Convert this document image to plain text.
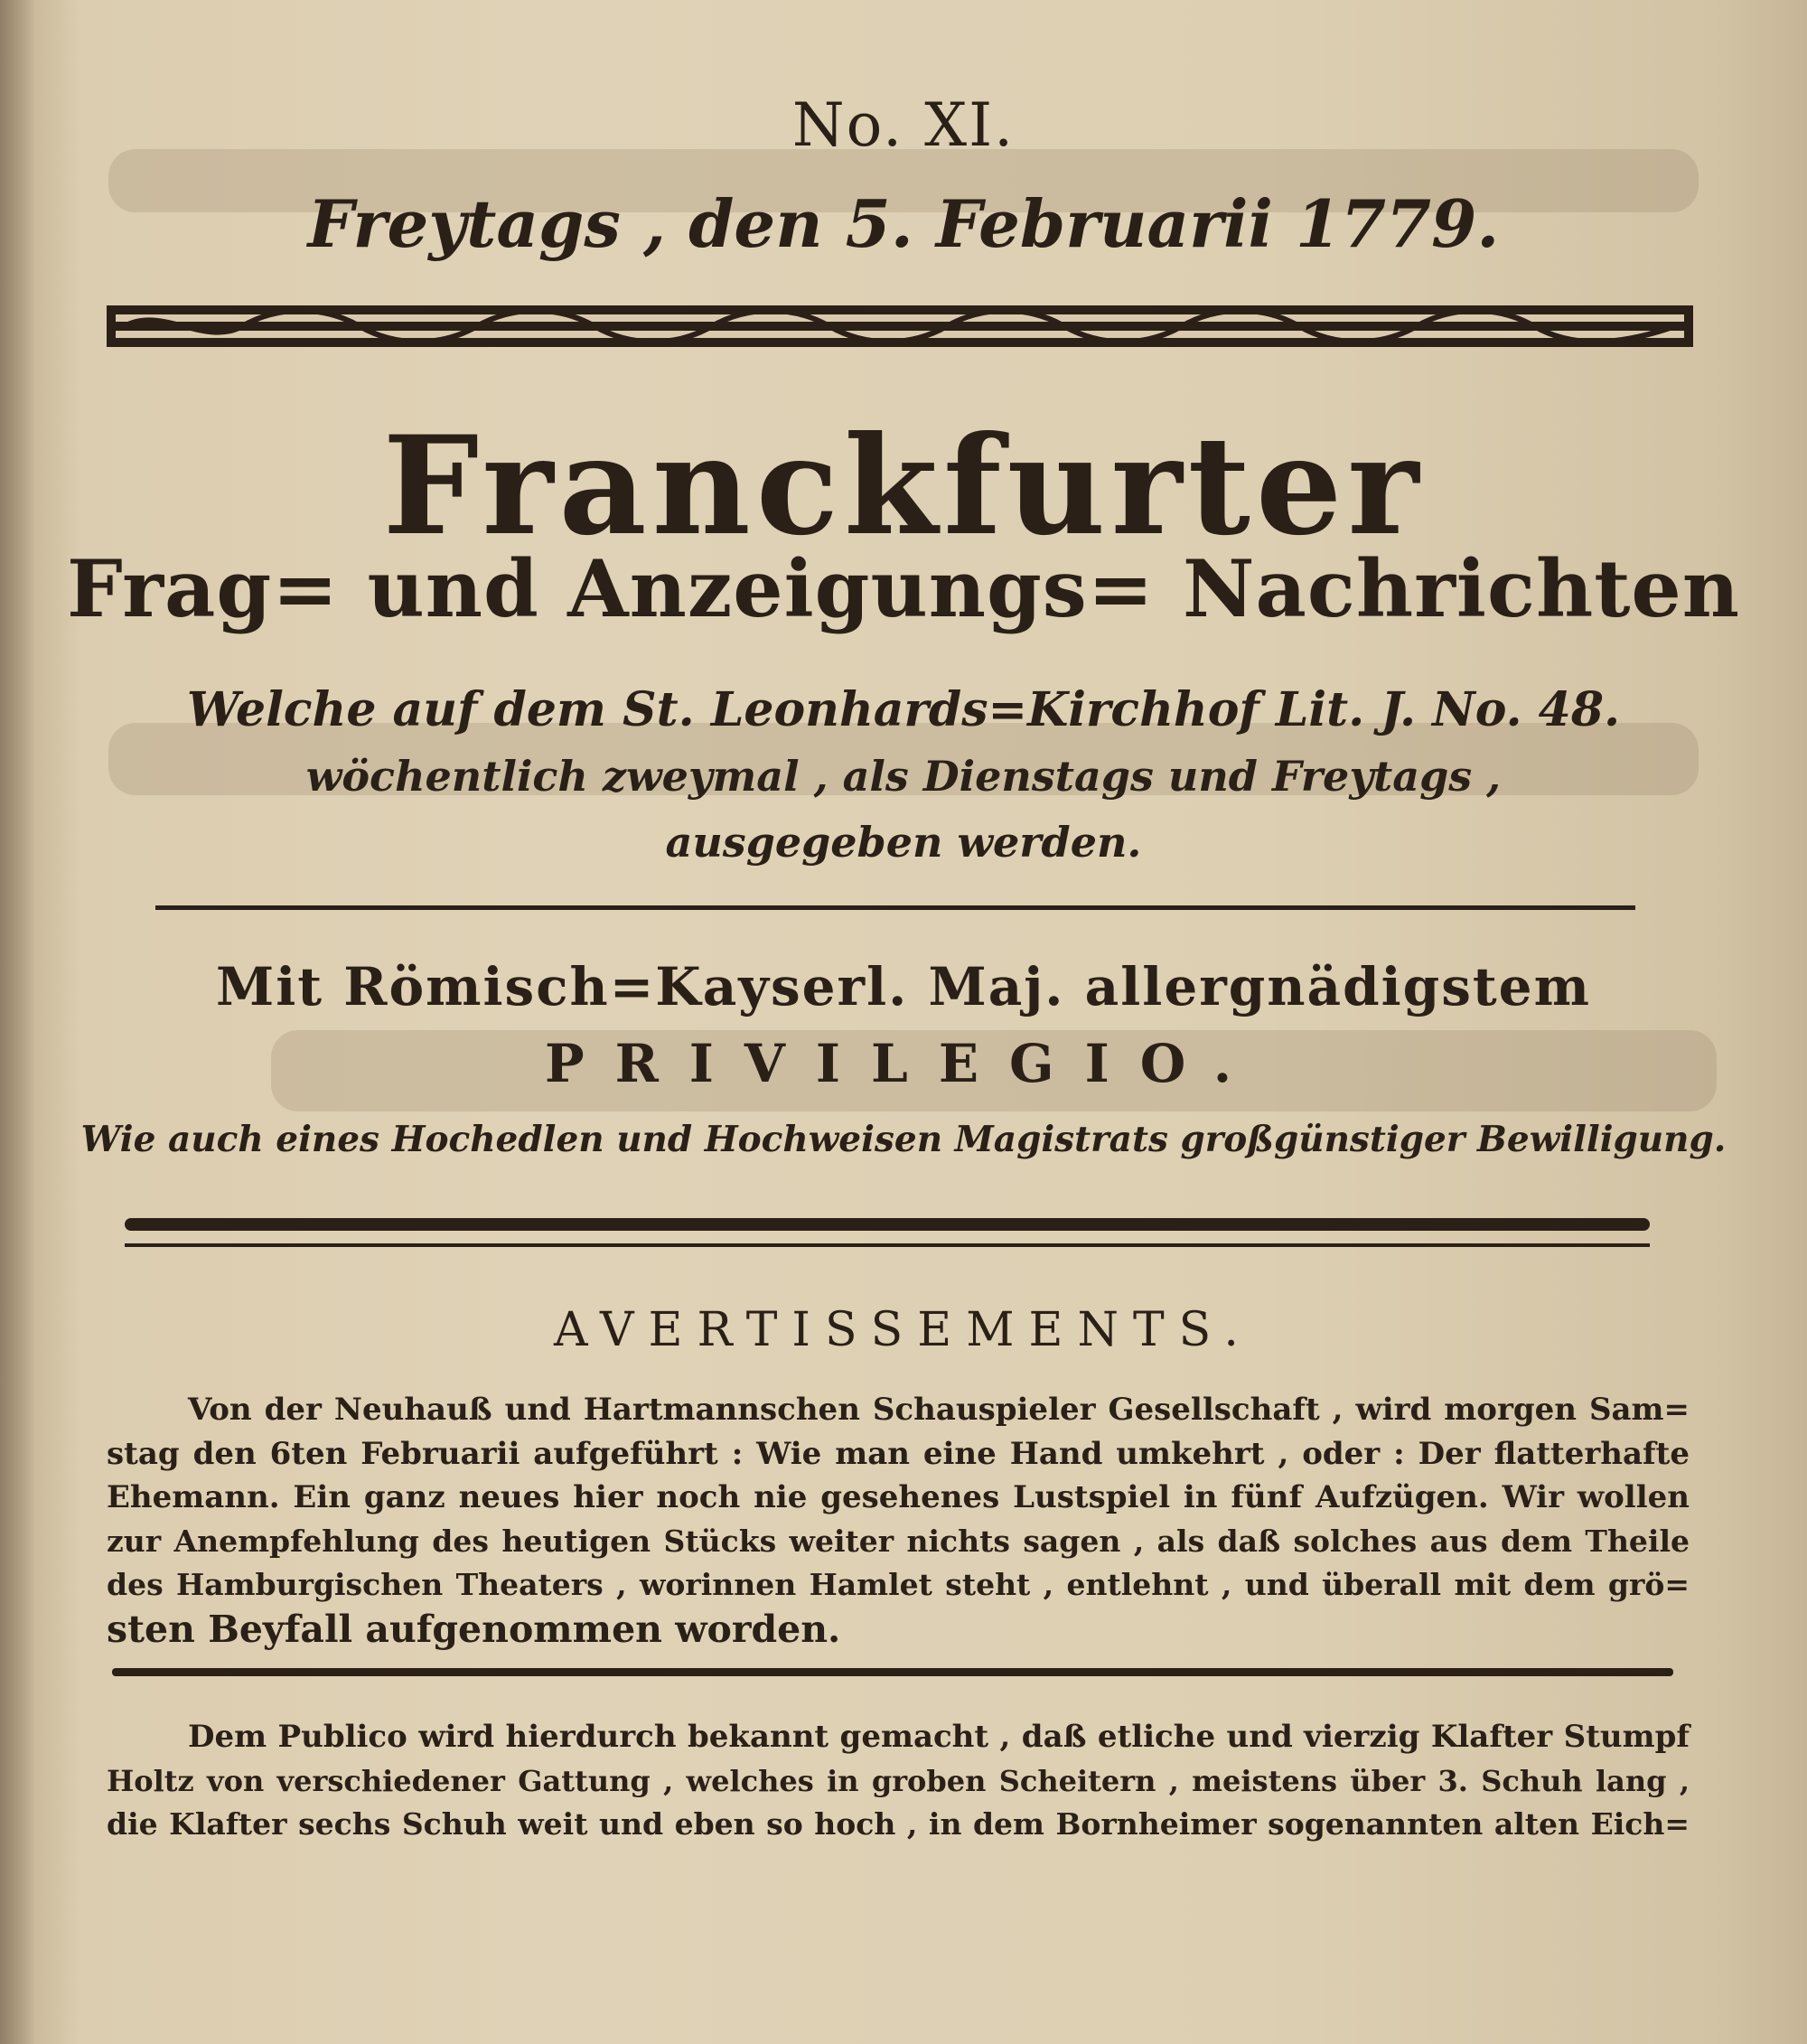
No. XI.
Freytags , den 5. Februarii 1779.
Franckfurter
Frag= und Anzeigungs= Nachrichten
Welche auf dem St. Leonhards=Kirchhof Lit. J. No. 48.
wöchentlich zweymal , als Dienstags und Freytags ,
ausgegeben werden.
Mit Römisch=Kayserl. Maj. allergnädigstem
PRIVILEGIO.
Wie auch eines Hochedlen und Hochweisen Magistrats großgünstiger Bewilligung.
AVERTISSEMENTS.
Von der Neuhauß und Hartmannschen Schauspieler Gesellschaft , wird morgen Sam=
stag den 6ten Februarii aufgeführt : Wie man eine Hand umkehrt , oder : Der flatterhafte
Ehemann. Ein ganz neues hier noch nie gesehenes Lustspiel in fünf Aufzügen. Wir wollen
zur Anempfehlung des heutigen Stücks weiter nichts sagen , als daß solches aus dem Theile
des Hamburgischen Theaters , worinnen Hamlet steht , entlehnt , und überall mit dem grö=
sten Beyfall aufgenommen worden.
Dem Publico wird hierdurch bekannt gemacht , daß etliche und vierzig Klafter Stumpf
Holtz von verschiedener Gattung , welches in groben Scheitern , meistens über 3. Schuh lang ,
die Klafter sechs Schuh weit und eben so hoch , in dem Bornheimer sogenannten alten Eich=
